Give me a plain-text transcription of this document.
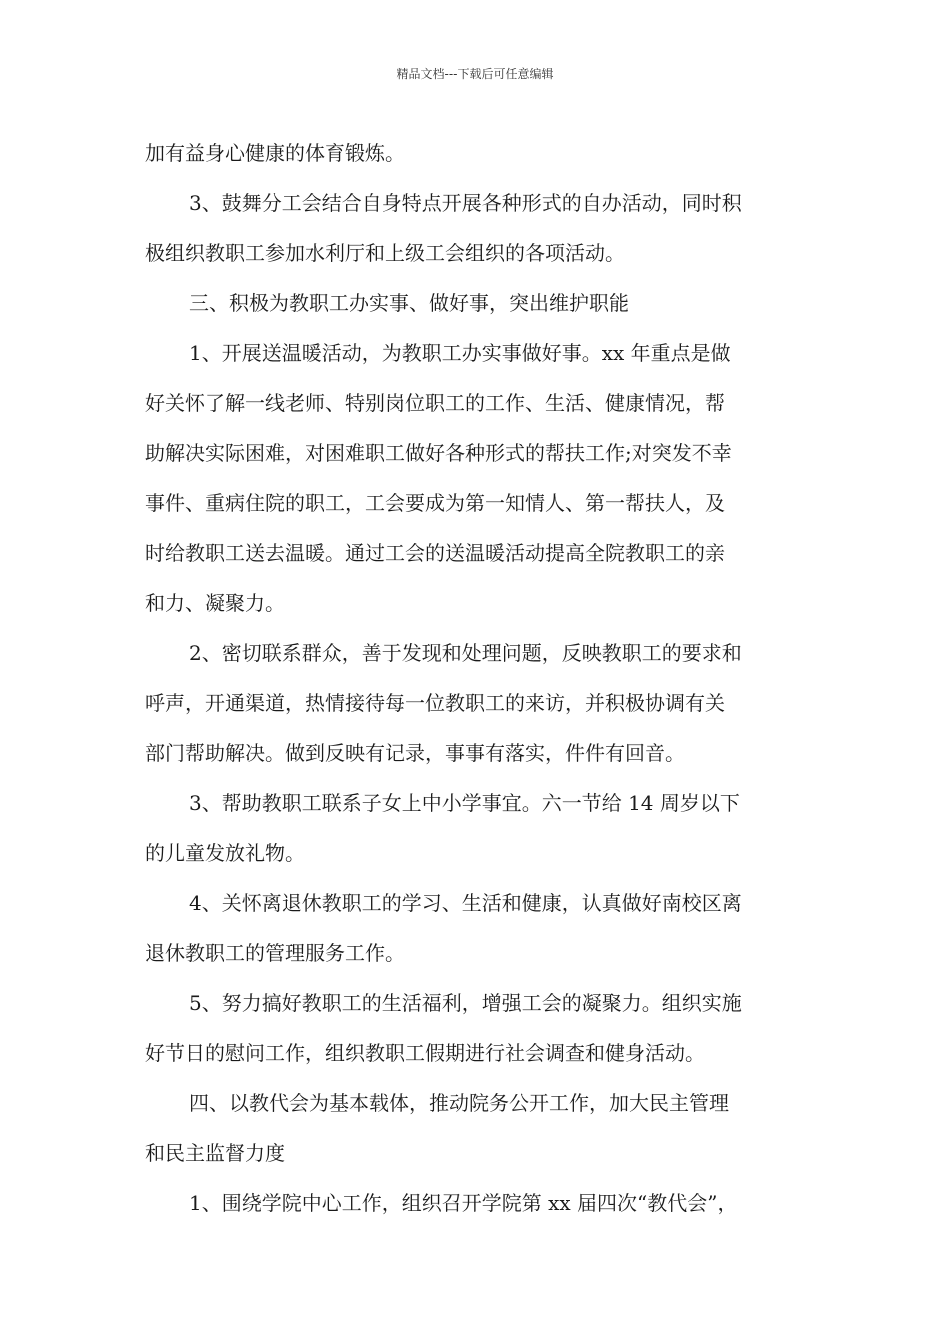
精品文档---下载后可任意编辑
加有益身心健康的体育锻炼。
3、鼓舞分工会结合自身特点开展各种形式的自办活动，同时积
极组织教职工参加水利厅和上级工会组织的各项活动。
三、积极为教职工办实事、做好事，突出维护职能
1、开展送温暖活动，为教职工办实事做好事。xx 年重点是做
好关怀了解一线老师、特别岗位职工的工作、生活、健康情况，帮
助解决实际困难，对困难职工做好各种形式的帮扶工作;对突发不幸
事件、重病住院的职工，工会要成为第一知情人、第一帮扶人，及
时给教职工送去温暖。通过工会的送温暖活动提高全院教职工的亲
和力、凝聚力。
2、密切联系群众，善于发现和处理问题，反映教职工的要求和
呼声，开通渠道，热情接待每一位教职工的来访，并积极协调有关
部门帮助解决。做到反映有记录，事事有落实，件件有回音。
3、帮助教职工联系子女上中小学事宜。六一节给 14 周岁以下
的儿童发放礼物。
4、关怀离退休教职工的学习、生活和健康，认真做好南校区离
退休教职工的管理服务工作。
5、努力搞好教职工的生活福利，增强工会的凝聚力。组织实施
好节日的慰问工作，组织教职工假期进行社会调查和健身活动。
四、以教代会为基本载体，推动院务公开工作，加大民主管理
和民主监督力度
1、围绕学院中心工作，组织召开学院第 xx 届四次“教代会”，
